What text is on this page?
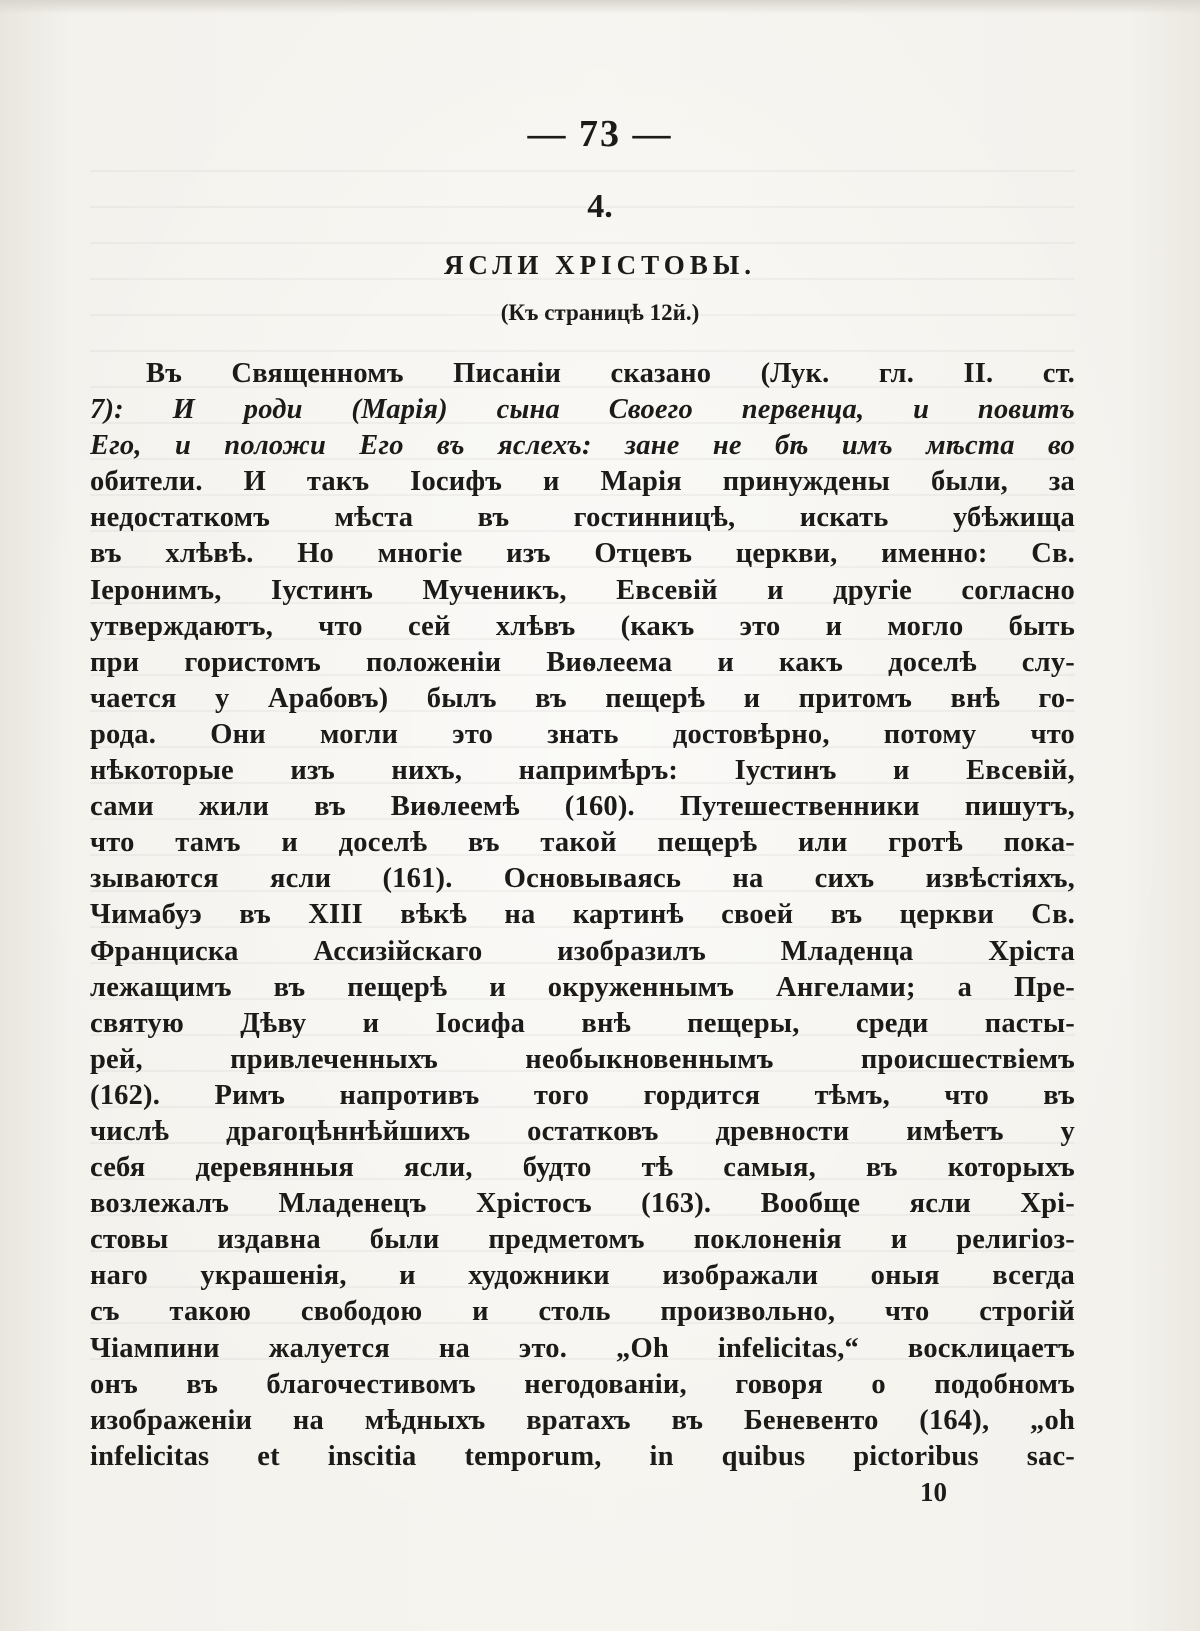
— 73 —
4.
ЯСЛИ ХРІСТОВЫ.
(Къ страницѣ 12й.)
Въ Священномъ Писаніи сказано (Лук. гл. II. ст.
7): И роди (Марія) сына Своего первенца, и повитъ
Его, и положи Его въ яслехъ: зане не бѣ имъ мѣста во
обители. И такъ Іосифъ и Марія принуждены были, за
недостаткомъ мѣста въ гостинницѣ, искать убѣжища
въ хлѣвѣ. Но многіе изъ Отцевъ церкви, именно: Св.
Іеронимъ, Іустинъ Мученикъ, Евсевій и другіе согласно
утверждаютъ, что сей хлѣвъ (какъ это и могло быть
при гористомъ положеніи Виѳлеема и какъ доселѣ слу-
чается у Арабовъ) былъ въ пещерѣ и притомъ внѣ го-
рода. Они могли это знать достовѣрно, потому что
нѣкоторые изъ нихъ, напримѣръ: Іустинъ и Евсевій,
сами жили въ Виѳлеемѣ (160). Путешественники пишутъ,
что тамъ и доселѣ въ такой пещерѣ или гротѣ пока-
зываются ясли (161). Основываясь на сихъ извѣстіяхъ,
Чимабуэ въ XIII вѣкѣ на картинѣ своей въ церкви Св.
Франциска Ассизійскаго изобразилъ Младенца Хріста
лежащимъ въ пещерѣ и окруженнымъ Ангелами; а Пре-
святую Дѣву и Іосифа внѣ пещеры, среди пасты-
рей, привлеченныхъ необыкновеннымъ происшествіемъ
(162). Римъ напротивъ того гордится тѣмъ, что въ
числѣ драгоцѣннѣйшихъ остатковъ древности имѣетъ у
себя деревянныя ясли, будто тѣ самыя, въ которыхъ
возлежалъ Младенецъ Хрістосъ (163). Вообще ясли Хрі-
стовы издавна были предметомъ поклоненія и религіоз-
наго украшенія, и художники изображали оныя всегда
съ такою свободою и столь произвольно, что строгій
Чіампини жалуется на это. „Oh infelicitas,“ восклицаетъ
онъ въ благочестивомъ негодованіи, говоря о подобномъ
изображеніи на мѣдныхъ вратахъ въ Беневенто (164), „oh
infelicitas et inscitia temporum, in quibus pictoribus sac-
10
